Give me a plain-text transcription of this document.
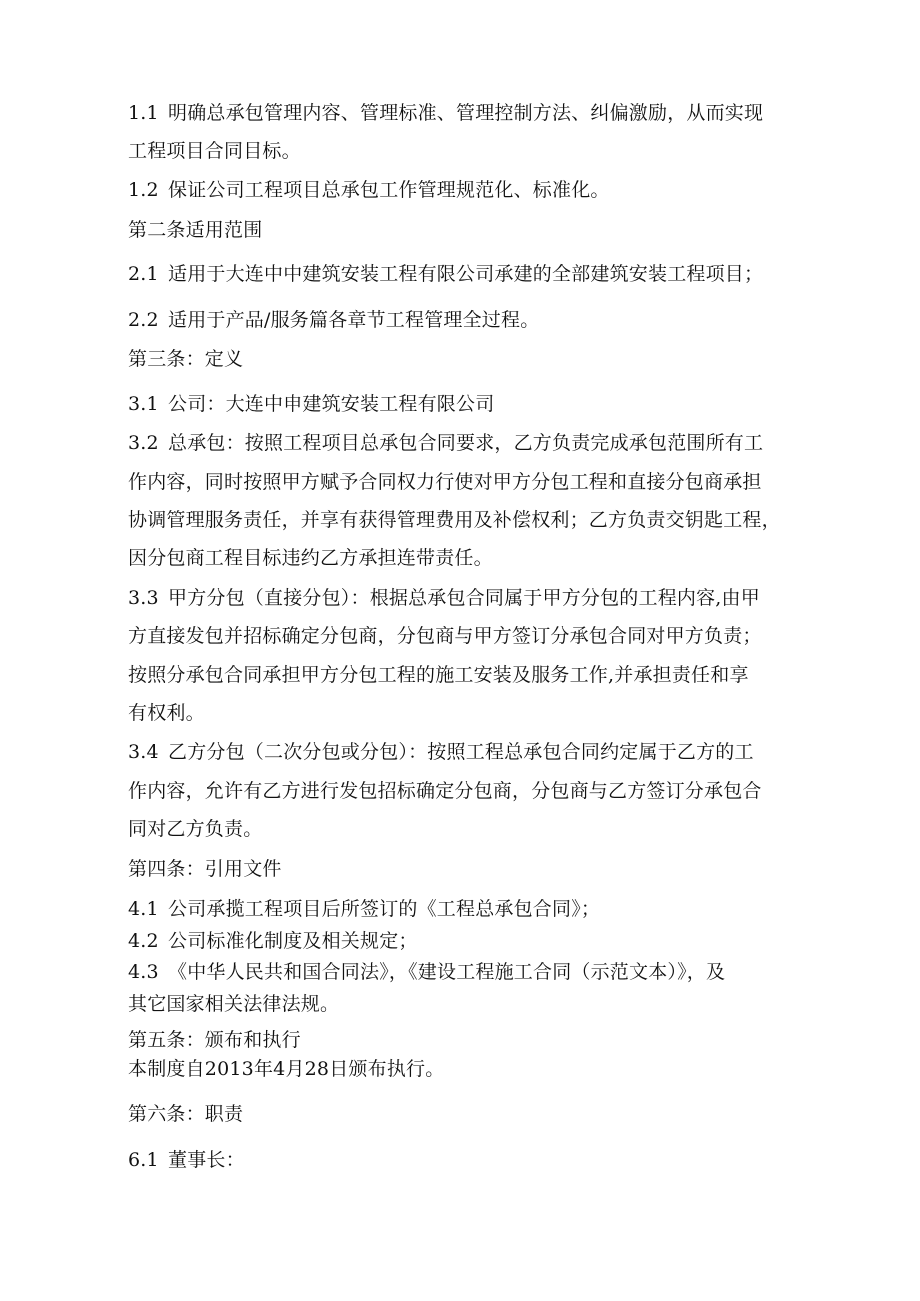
1.1 明确总承包管理内容、管理标准、管理控制方法、纠偏激励，从而实现
工程项目合同目标。
1.2 保证公司工程项目总承包工作管理规范化、标准化。
第二条适用范围
2.1 适用于大连中中建筑安装工程有限公司承建的全部建筑安装工程项目；
2.2 适用于产品/服务篇各章节工程管理全过程。
第三条：定义
3.1 公司：大连中申建筑安装工程有限公司
3.2 总承包：按照工程项目总承包合同要求，乙方负责完成承包范围所有工
作内容，同时按照甲方赋予合同权力行使对甲方分包工程和直接分包商承担
协调管理服务责任，并享有获得管理费用及补偿权利；乙方负责交钥匙工程，
因分包商工程目标违约乙方承担连带责任。
3.3 甲方分包（直接分包）：根据总承包合同属于甲方分包的工程内容,由甲
方直接发包并招标确定分包商，分包商与甲方签订分承包合同对甲方负责；
按照分承包合同承担甲方分包工程的施工安装及服务工作,并承担责任和享
有权利。
3.4 乙方分包（二次分包或分包）：按照工程总承包合同约定属于乙方的工
作内容，允许有乙方进行发包招标确定分包商，分包商与乙方签订分承包合
同对乙方负责。
第四条：引用文件
4.1 公司承揽工程项目后所签订的《工程总承包合同》；
4.2 公司标准化制度及相关规定；
4.3 《中华人民共和国合同法》，《建设工程施工合同（示范文本）》，及
其它国家相关法律法规。
第五条：颁布和执行
本制度自2013年4月28日颁布执行。
第六条：职责
6.1 董事长：
